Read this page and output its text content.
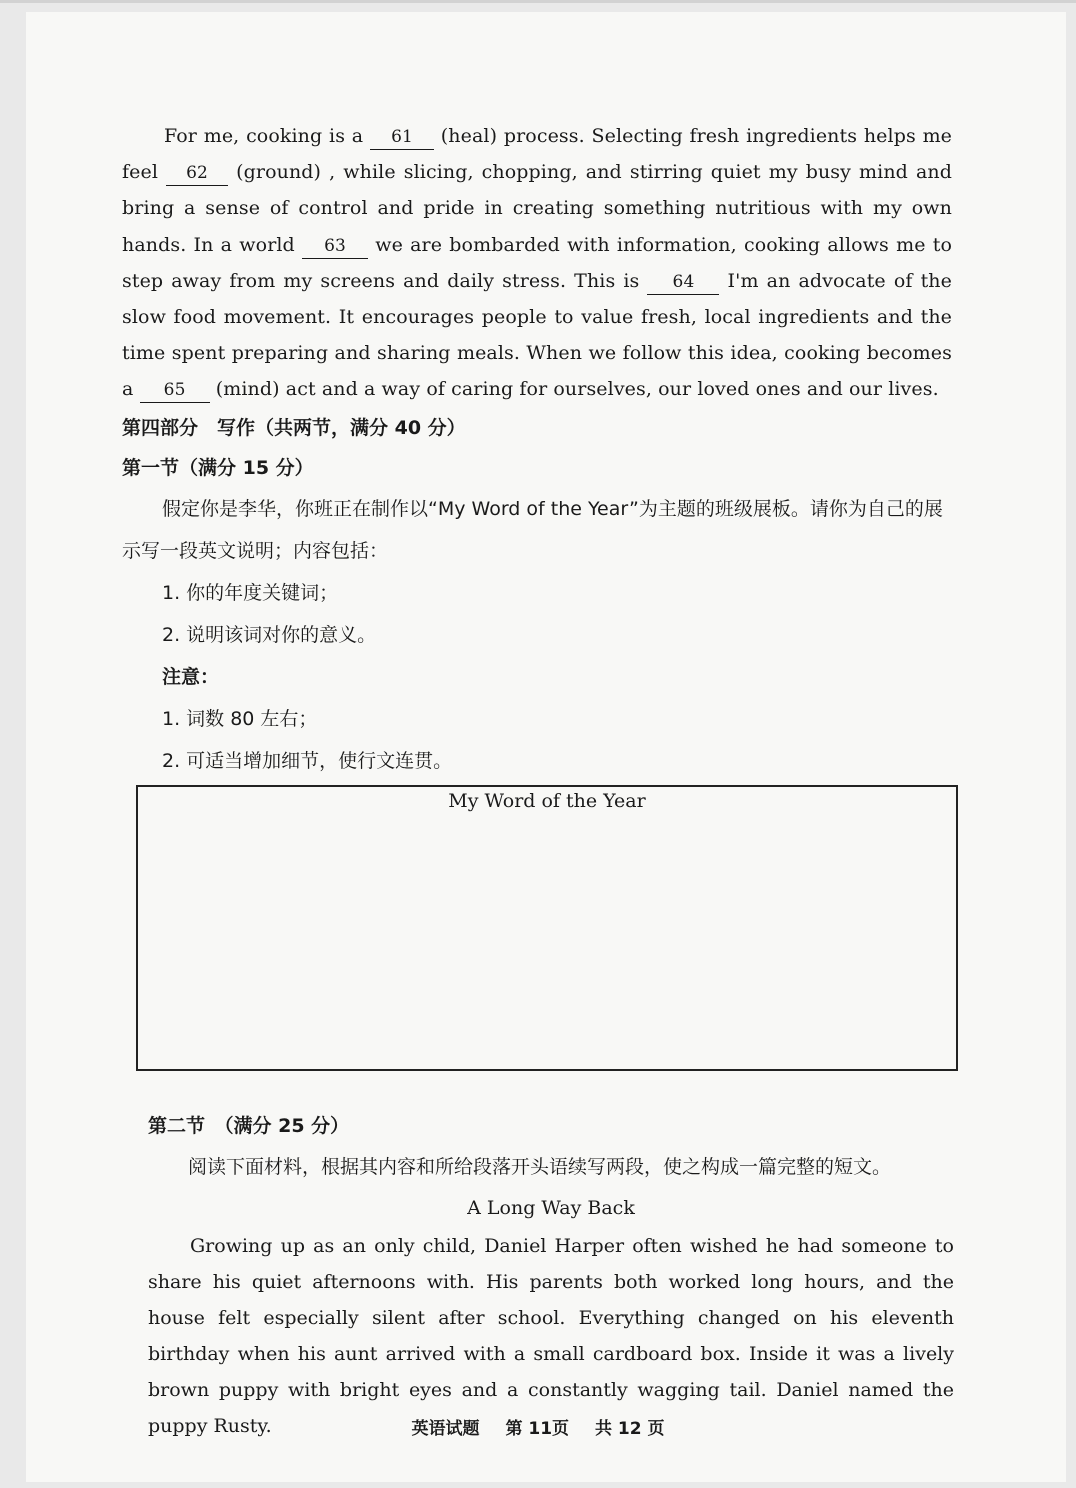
For me, cooking is a 61 (heal) process. Selecting fresh ingredients helps me feel 62 (ground) , while slicing, chopping, and stirring quiet my busy mind and bring a sense of control and pride in creating something nutritious with my own hands. In a world 63 we are bombarded with information, cooking allows me to step away from my screens and daily stress. This is 64 I'm an advocate of the slow food movement. It encourages people to value fresh, local ingredients and the time spent preparing and sharing meals. When we follow this idea, cooking becomes a 65 (mind) act and a way of caring for ourselves, our loved ones and our lives.

第四部分　写作（共两节，满分 40 分）

第一节（满分 15 分）

假定你是李华，你班正在制作以“My Word of the Year”为主题的班级展板。请你为自己的展示写一段英文说明；内容包括：

1. 你的年度关键词；

2. 说明该词对你的意义。

注意：

1. 词数 80 左右；

2. 可适当增加细节，使行文连贯。

My Word of the Year

第二节　（满分 25 分）

阅读下面材料，根据其内容和所给段落开头语续写两段，使之构成一篇完整的短文。

A Long Way Back

Growing up as an only child, Daniel Harper often wished he had someone to share his quiet afternoons with. His parents both worked long hours, and the house felt especially silent after school. Everything changed on his eleventh birthday when his aunt arrived with a small cardboard box. Inside it was a lively brown puppy with bright eyes and a constantly wagging tail. Daniel named the puppy Rusty.	英语试题 第 11页 共 12 页
